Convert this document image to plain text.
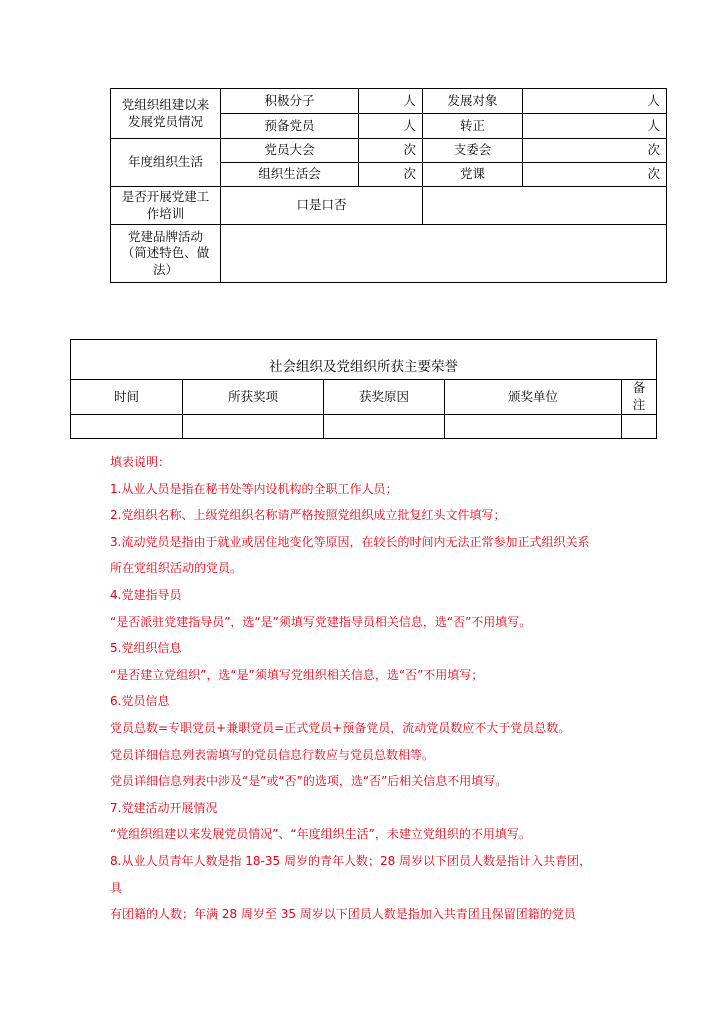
党组织组建以来
发展党员情况	积极分子	人	发展对象	人
	预备党员	人	转正	人
年度组织生活	党员大会	次	支委会	次
	组织生活会	次	党课	次
是否开展党建工
作培训	口是口否			
党建品牌活动
（简述特色、做
法）				
社会组织及党组织所获主要荣誉				
时间	所获奖项	获奖原因	颁奖单位	备注

填表说明：
1.从业人员是指在秘书处等内设机构的全职工作人员；
2.党组织名称、上级党组织名称请严格按照党组织成立批复红头文件填写；
3.流动党员是指由于就业或居住地变化等原因，在较长的时间内无法正常参加正式组织关系
所在党组织活动的党员。
4.党建指导员
“是否派驻党建指导员”，选“是”须填写党建指导员相关信息，选“否”不用填写。
5.党组织信息
“是否建立党组织”，选“是”须填写党组织相关信息，选“否”不用填写；
6.党员信息
党员总数=专职党员+兼职党员=正式党员+预备党员，流动党员数应不大于党员总数。
党员详细信息列表需填写的党员信息行数应与党员总数相等。
党员详细信息列表中涉及“是”或“否”的选项，选“否”后相关信息不用填写。
7.党建活动开展情况
“党组织组建以来发展党员情况”、“年度组织生活”，未建立党组织的不用填写。
8.从业人员青年人数是指 18-35 周岁的青年人数；28 周岁以下团员人数是指计入共青团，
具
有团籍的人数；年满 28 周岁至 35 周岁以下团员人数是指加入共青团且保留团籍的党员
